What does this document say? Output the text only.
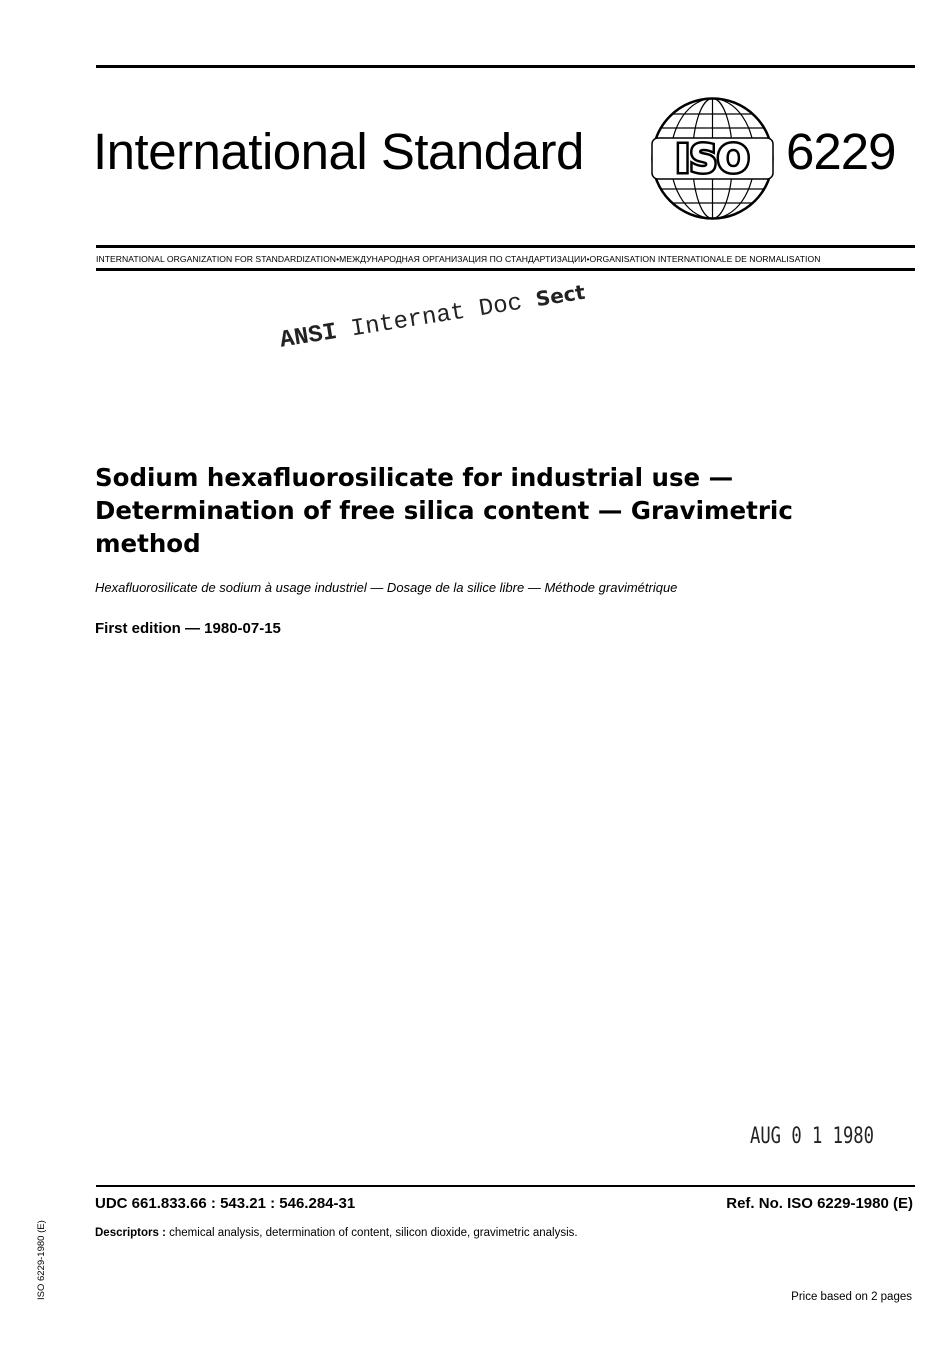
International Standard ISO 6229
INTERNATIONAL ORGANIZATION FOR STANDARDIZATION•МЕЖДУНАРОДНАЯ ОРГАНИЗАЦИЯ ПО СТАНДАРТИЗАЦИИ•ORGANISATION INTERNATIONALE DE NORMALISATION
ANSI Internat Doc Sect
Sodium hexafluorosilicate for industrial use —
Determination of free silica content — Gravimetric
method
Hexafluorosilicate de sodium à usage industriel — Dosage de la silice libre — Méthode gravimétrique
First edition — 1980-07-15
AUG 0 1 1980
UDC 661.833.66 : 543.21 : 546.284-31	Ref. No. ISO 6229-1980 (E)
Descriptors : chemical analysis, determination of content, silicon dioxide, gravimetric analysis.
Price based on 2 pages
ISO 6229-1980 (E)
